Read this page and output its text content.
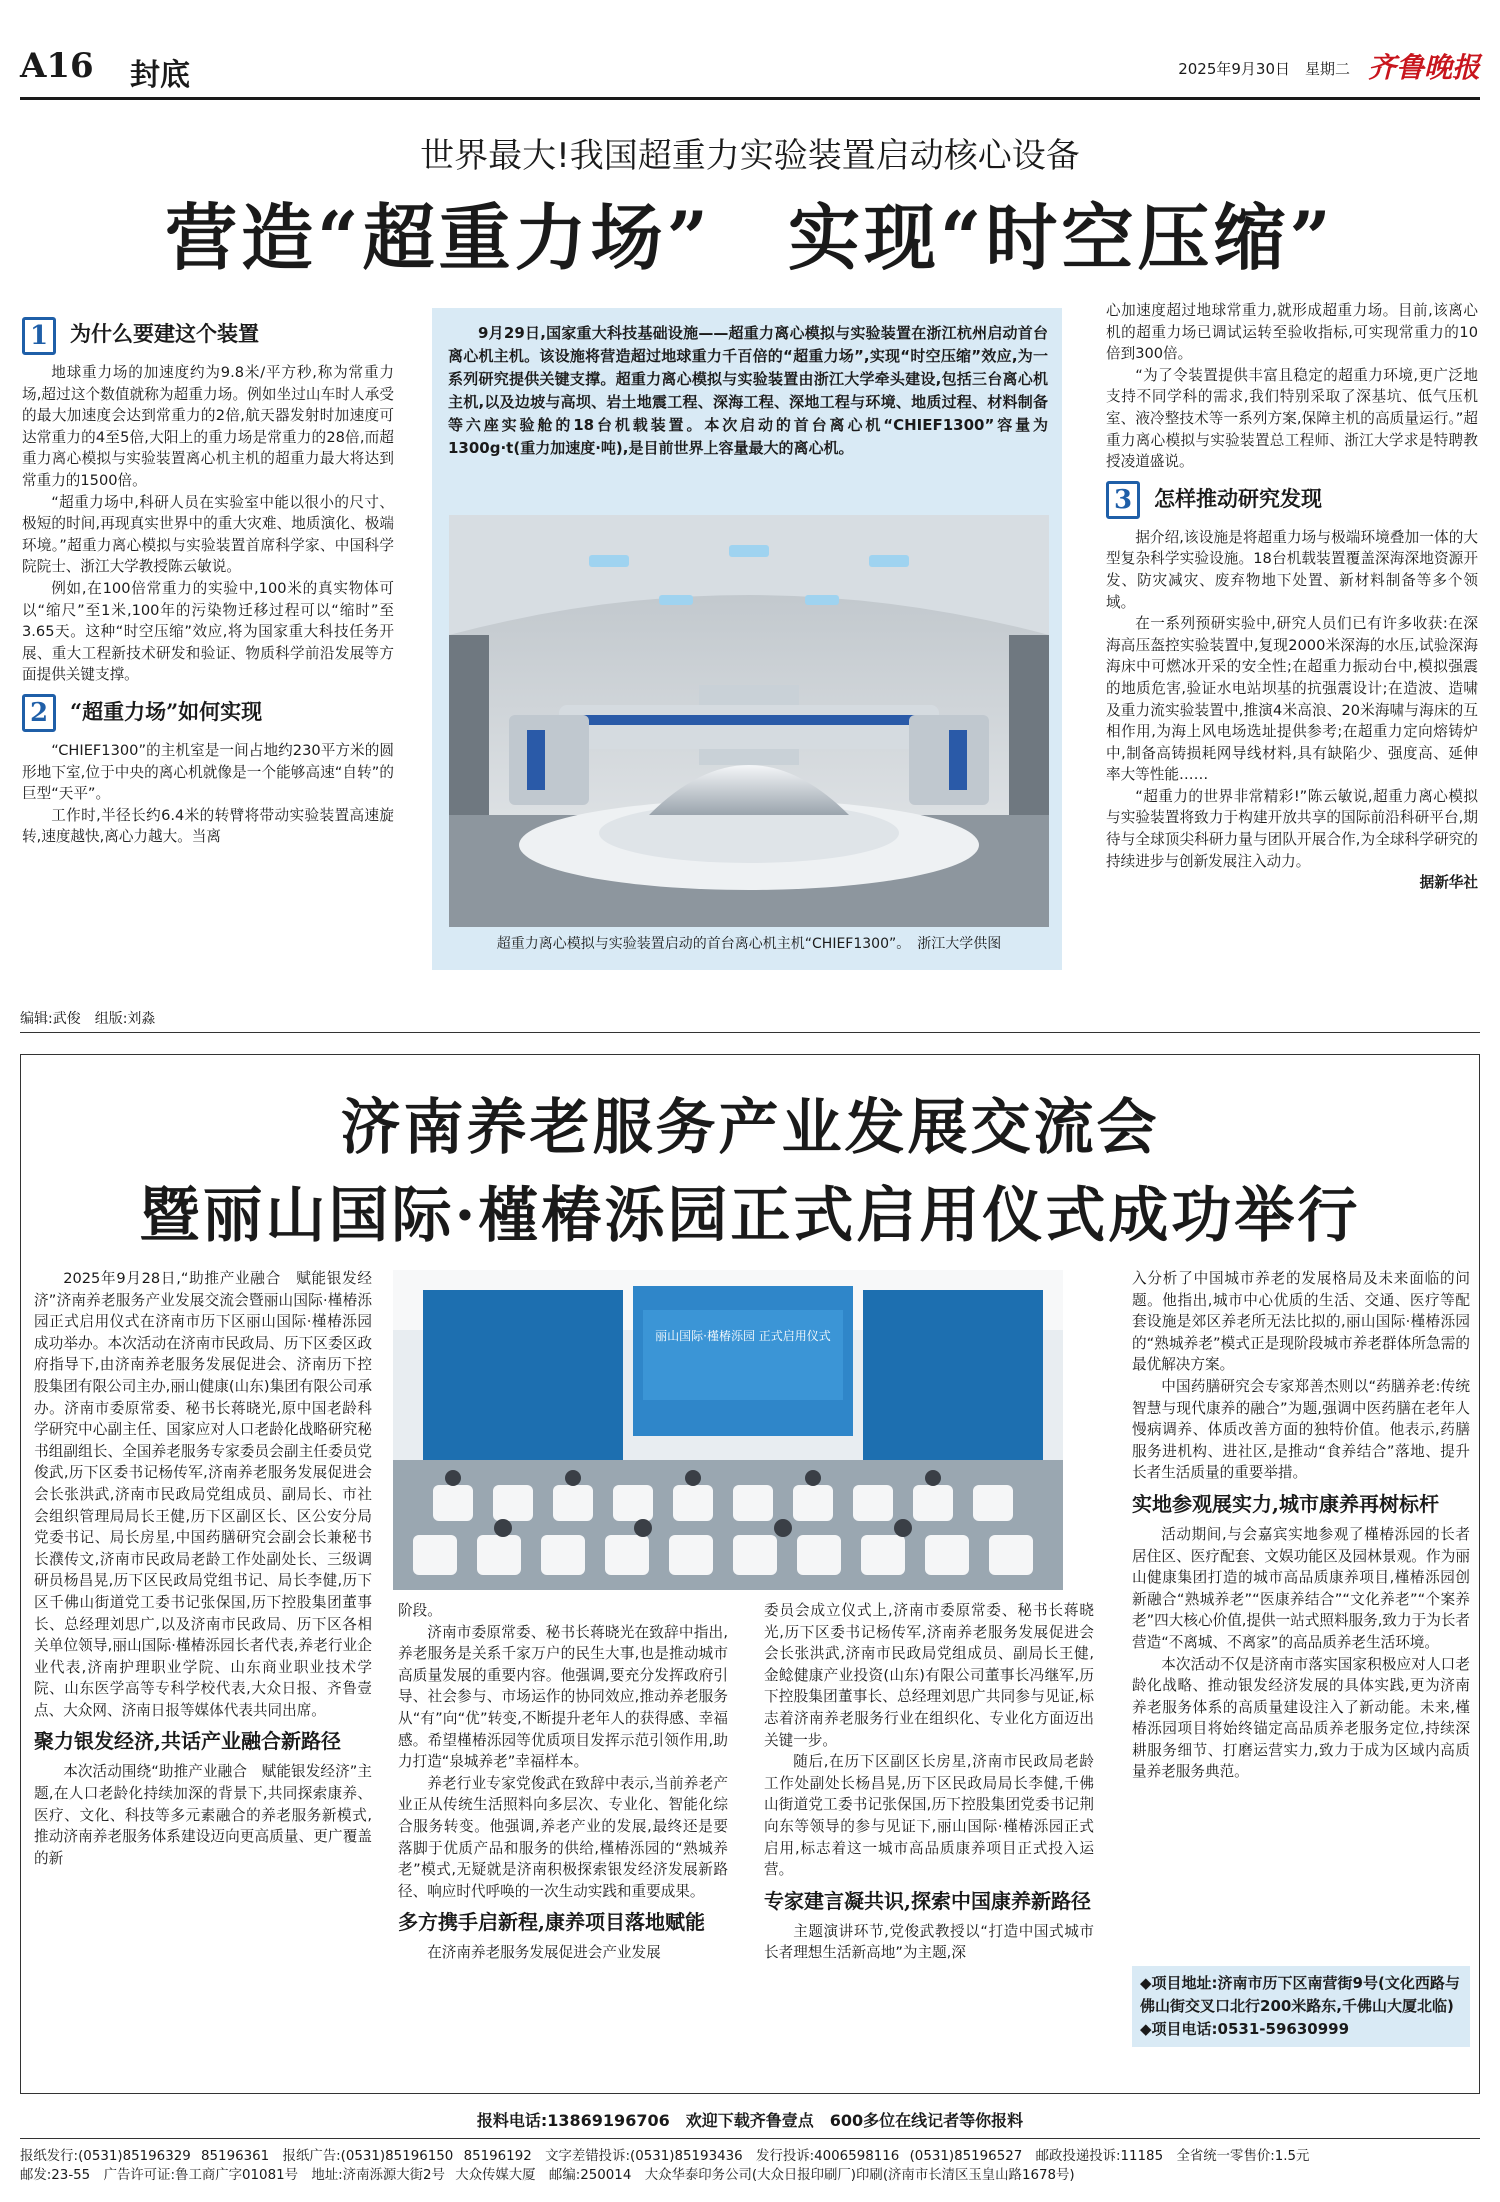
A16 封底	2025年9月30日　星期二 齐鲁晚报
世界最大!我国超重力实验装置启动核心设备
营造“超重力场”　实现“时空压缩”
1 为什么要建这个装置

地球重力场的加速度约为9.8米/平方秒,称为常重力场,超过这个数值就称为超重力场。例如坐过山车时人承受的最大加速度会达到常重力的2倍,航天器发射时加速度可达常重力的4至5倍,大阳上的重力场是常重力的28倍,而超重力离心模拟与实验装置离心机主机的超重力最大将达到常重力的1500倍。

“超重力场中,科研人员在实验室中能以很小的尺寸、极短的时间,再现真实世界中的重大灾难、地质演化、极端环境。”超重力离心模拟与实验装置首席科学家、中国科学院院士、浙江大学教授陈云敏说。

例如,在100倍常重力的实验中,100米的真实物体可以“缩尺”至1米,100年的污染物迁移过程可以“缩时”至3.65天。这种“时空压缩”效应,将为国家重大科技任务开展、重大工程新技术研发和验证、物质科学前沿发展等方面提供关键支撑。

2 “超重力场”如何实现

“CHIEF1300”的主机室是一间占地约230平方米的圆形地下室,位于中央的离心机就像是一个能够高速“自转”的巨型“天平”。

工作时,半径长约6.4米的转臂将带动实验装置高速旋转,速度越快,离心力越大。当离

9月29日,国家重大科技基础设施——超重力离心模拟与实验装置在浙江杭州启动首台离心机主机。该设施将营造超过地球重力千百倍的“超重力场”,实现“时空压缩”效应,为一系列研究提供关键支撑。超重力离心模拟与实验装置由浙江大学牵头建设,包括三台离心机主机,以及边坡与高坝、岩土地震工程、深海工程、深地工程与环境、地质过程、材料制备等六座实验舱的18台机载装置。本次启动的首台离心机“CHIEF1300”容量为1300g·t(重力加速度·吨),是目前世界上容量最大的离心机。

超重力离心模拟与实验装置启动的首台离心机主机“CHIEF1300”。　浙江大学供图

心加速度超过地球常重力,就形成超重力场。目前,该离心机的超重力场已调试运转至验收指标,可实现常重力的10倍到300倍。

“为了令装置提供丰富且稳定的超重力环境,更广泛地支持不同学科的需求,我们特别采取了深基坑、低气压机室、液冷整技术等一系列方案,保障主机的高质量运行。”超重力离心模拟与实验装置总工程师、浙江大学求是特聘教授凌道盛说。

3 怎样推动研究发现

据介绍,该设施是将超重力场与极端环境叠加一体的大型复杂科学实验设施。18台机载装置覆盖深海深地资源开发、防灾减灾、废弃物地下处置、新材料制备等多个领域。

在一系列预研实验中,研究人员们已有许多收获:在深海高压盔控实验装置中,复现2000米深海的水压,试验深海海床中可燃冰开采的安全性;在超重力振动台中,模拟强震的地质危害,验证水电站坝基的抗强震设计;在造波、造啸及重力流实验装置中,推演4米高浪、20米海啸与海床的互相作用,为海上风电场选址提供参考;在超重力定向熔铸炉中,制备高铸损耗网导线材料,具有缺陷少、强度高、延伸率大等性能……

“超重力的世界非常精彩!”陈云敏说,超重力离心模拟与实验装置将致力于构建开放共享的国际前沿科研平台,期待与全球顶尖科研力量与团队开展合作,为全球科学研究的持续进步与创新发展注入动力。

据新华社

编辑:武俊　组版:刘淼
济南养老服务产业发展交流会
暨丽山国际·槿椿泺园正式启用仪式成功举行

2025年9月28日,“助推产业融合　赋能银发经济”济南养老服务产业发展交流会暨丽山国际·槿椿泺园正式启用仪式在济南市历下区丽山国际·槿椿泺园成功举办。本次活动在济南市民政局、历下区委区政府指导下,由济南养老服务发展促进会、济南历下控股集团有限公司主办,丽山健康(山东)集团有限公司承办。济南市委原常委、秘书长蒋晓光,原中国老龄科学研究中心副主任、国家应对人口老龄化战略研究秘书组副组长、全国养老服务专家委员会副主任委员党俊武,历下区委书记杨传军,济南养老服务发展促进会会长张洪武,济南市民政局党组成员、副局长、市社会组织管理局局长王健,历下区副区长、区公安分局党委书记、局长房星,中国药膳研究会副会长兼秘书长濮传文,济南市民政局老龄工作处副处长、三级调研员杨昌晃,历下区民政局党组书记、局长李健,历下区千佛山街道党工委书记张保国,历下控股集团董事长、总经理刘思广,以及济南市民政局、历下区各相关单位领导,丽山国际·槿椿泺园长者代表,养老行业企业代表,济南护理职业学院、山东商业职业技术学院、山东医学高等专科学校代表,大众日报、齐鲁壹点、大众网、济南日报等媒体代表共同出席。

聚力银发经济,共话产业融合新路径

本次活动围绕“助推产业融合　赋能银发经济”主题,在人口老龄化持续加深的背景下,共同探索康养、医疗、文化、科技等多元素融合的养老服务新模式,推动济南养老服务体系建设迈向更高质量、更广覆盖的新

丽山国际·槿椿泺园 正式启用仪式

阶段。

济南市委原常委、秘书长蒋晓光在致辞中指出,养老服务是关系千家万户的民生大事,也是推动城市高质量发展的重要内容。他强调,要充分发挥政府引导、社会参与、市场运作的协同效应,推动养老服务从“有”向“优”转变,不断提升老年人的获得感、幸福感。希望槿椿泺园等优质项目发挥示范引领作用,助力打造“泉城养老”幸福样本。

养老行业专家党俊武在致辞中表示,当前养老产业正从传统生活照料向多层次、专业化、智能化综合服务转变。他强调,养老产业的发展,最终还是要落脚于优质产品和服务的供给,槿椿泺园的“熟城养老”模式,无疑就是济南积极探索银发经济发展新路径、响应时代呼唤的一次生动实践和重要成果。

多方携手启新程,康养项目落地赋能

在济南养老服务发展促进会产业发展

委员会成立仪式上,济南市委原常委、秘书长蒋晓光,历下区委书记杨传军,济南养老服务发展促进会会长张洪武,济南市民政局党组成员、副局长王健,金鲶健康产业投资(山东)有限公司董事长冯继军,历下控股集团董事长、总经理刘思广共同参与见证,标志着济南养老服务行业在组织化、专业化方面迈出关键一步。

随后,在历下区副区长房星,济南市民政局老龄工作处副处长杨昌晃,历下区民政局局长李健,千佛山街道党工委书记张保国,历下控股集团党委书记荆向东等领导的参与见证下,丽山国际·槿椿泺园正式启用,标志着这一城市高品质康养项目正式投入运营。

专家建言凝共识,探索中国康养新路径

主题演讲环节,党俊武教授以“打造中国式城市长者理想生活新高地”为主题,深

入分析了中国城市养老的发展格局及未来面临的问题。他指出,城市中心优质的生活、交通、医疗等配套设施是郊区养老所无法比拟的,丽山国际·槿椿泺园的“熟城养老”模式正是现阶段城市养老群体所急需的最优解决方案。

中国药膳研究会专家郑善杰则以“药膳养老:传统智慧与现代康养的融合”为题,强调中医药膳在老年人慢病调养、体质改善方面的独特价值。他表示,药膳服务进机构、进社区,是推动“食养结合”落地、提升长者生活质量的重要举措。

实地参观展实力,城市康养再树标杆

活动期间,与会嘉宾实地参观了槿椿泺园的长者居住区、医疗配套、文娱功能区及园林景观。作为丽山健康集团打造的城市高品质康养项目,槿椿泺园创新融合“熟城养老”“医康养结合”“文化养老”“个案养老”四大核心价值,提供一站式照料服务,致力于为长者营造“不离城、不离家”的高品质养老生活环境。

本次活动不仅是济南市落实国家积极应对人口老龄化战略、推动银发经济发展的具体实践,更为济南养老服务体系的高质量建设注入了新动能。未来,槿椿泺园项目将始终锚定高品质养老服务定位,持续深耕服务细节、打磨运营实力,致力于成为区域内高质量养老服务典范。

◆项目地址:济南市历下区南营街9号(文化西路与佛山街交叉口北行200米路东,千佛山大厦北临)
◆项目电话:0531-59630999
报料电话:13869196706　欢迎下载齐鲁壹点　600多位在线记者等你报料
报纸发行:(0531)85196329 85196361　报纸广告:(0531)85196150 85196192　文字差错投诉:(0531)85193436　发行投诉:4006598116 (0531)85196527　邮政投递投诉:11185　全省统一零售价:1.5元
邮发:23-55　广告许可证:鲁工商广字01081号　地址:济南泺源大街2号 大众传媒大厦　邮编:250014　大众华泰印务公司(大众日报印刷厂)印刷(济南市长清区玉皇山路1678号)
